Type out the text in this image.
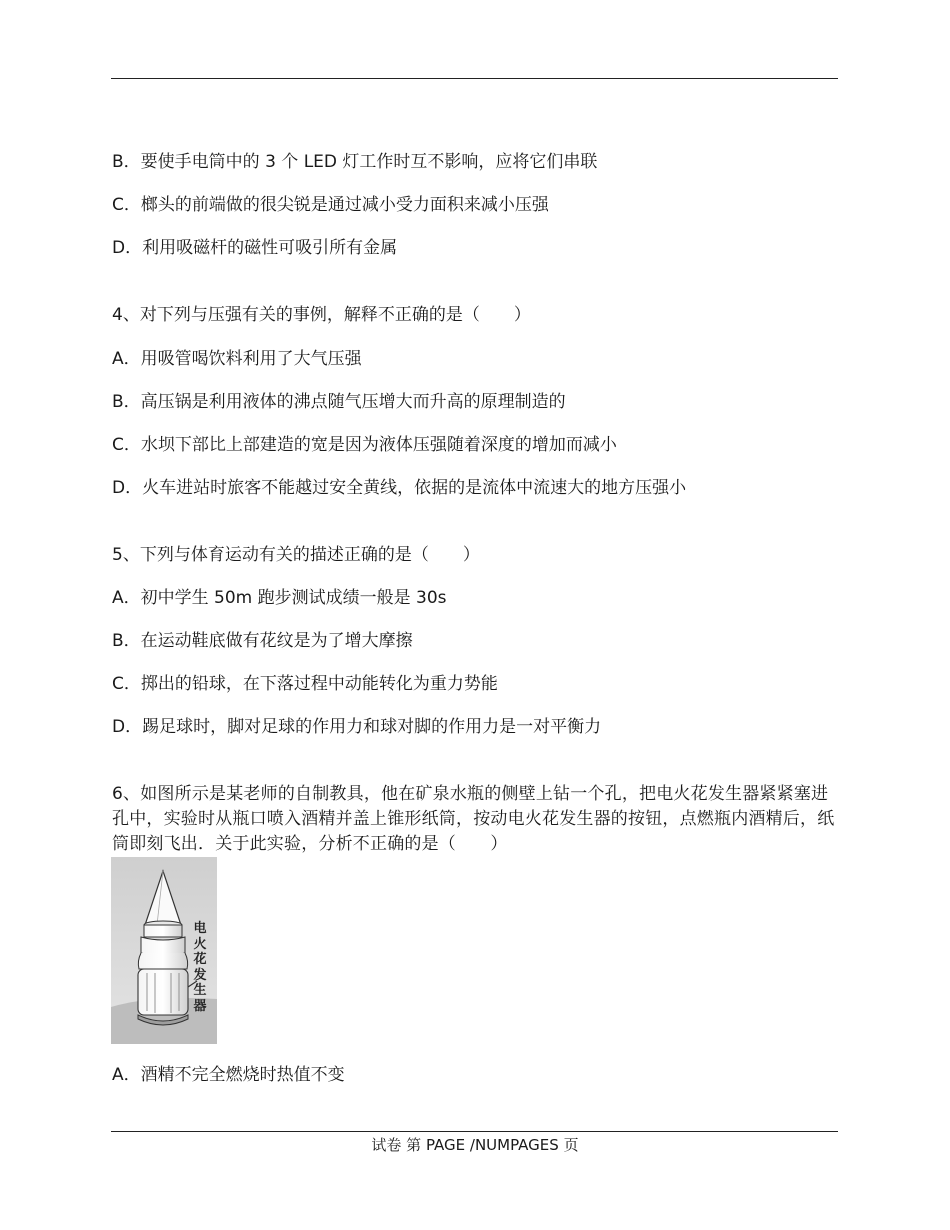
B．要使手电筒中的 3 个 LED 灯工作时互不影响，应将它们串联
C．榔头的前端做的很尖锐是通过减小受力面积来减小压强
D．利用吸磁杆的磁性可吸引所有金属
4、对下列与压强有关的事例，解释不正确的是（　　）
A．用吸管喝饮料利用了大气压强
B．高压锅是利用液体的沸点随气压增大而升高的原理制造的
C．水坝下部比上部建造的宽是因为液体压强随着深度的增加而减小
D．火车进站时旅客不能越过安全黄线，依据的是流体中流速大的地方压强小
5、下列与体育运动有关的描述正确的是（　　）
A．初中学生 50m 跑步测试成绩一般是 30s
B．在运动鞋底做有花纹是为了增大摩擦
C．掷出的铅球，在下落过程中动能转化为重力势能
D．踢足球时，脚对足球的作用力和球对脚的作用力是一对平衡力
6、如图所示是某老师的自制教具，他在矿泉水瓶的侧壁上钻一个孔，把电火花发生器紧紧塞进孔中，实验时从瓶口喷入酒精并盖上锥形纸筒，按动电火花发生器的按钮，点燃瓶内酒精后，纸筒即刻飞出．关于此实验，分析不正确的是（　　）
电火花发生器
A．酒精不完全燃烧时热值不变
试卷 第 PAGE /NUMPAGES 页
